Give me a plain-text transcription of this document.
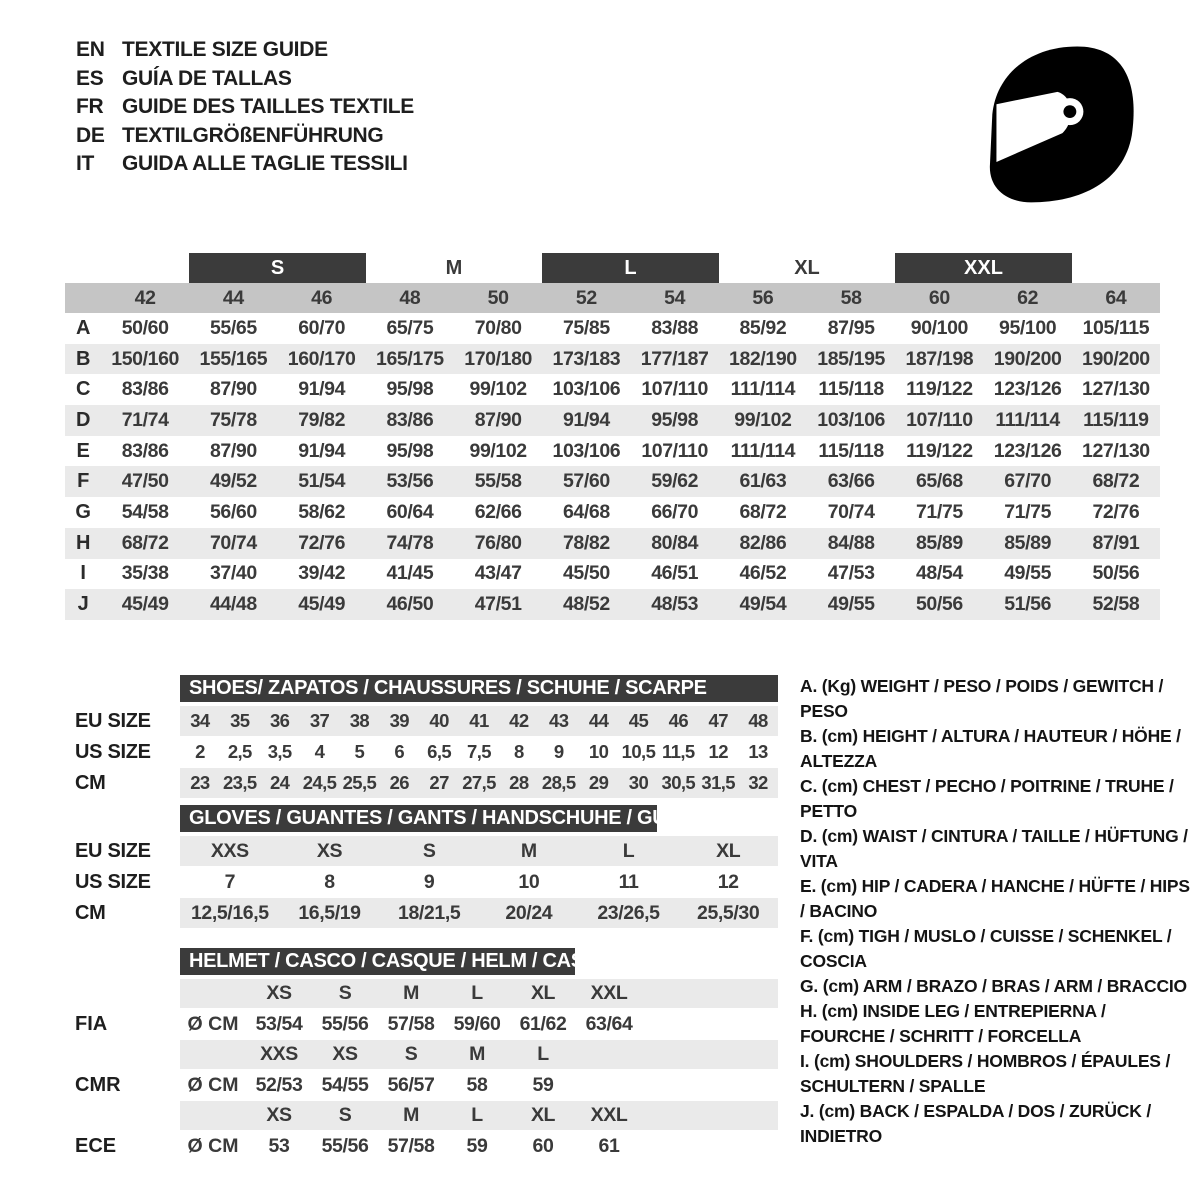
EN TEXTILE SIZE GUIDE
ES GUÍA DE TALLAS
FR GUIDE DES TAILLES TEXTILE
DE TEXTILGRÖßENFÜHRUNG
IT	GUIDA ALLE TAGLIE TESSILI
S	M	L	XL	XXL
42	44	46	48	50	52	54	56	58	60	62	64
A	50/60	55/65	60/70	65/75	70/80	75/85	83/88	85/92	87/95	90/100	95/100	105/115
B	150/160	155/165	160/170	165/175	170/180	173/183	177/187	182/190	185/195	187/198	190/200	190/200
C	83/86	87/90	91/94	95/98	99/102	103/106	107/110	111/114	115/118	119/122	123/126	127/130
D	71/74	75/78	79/82	83/86	87/90	91/94	95/98	99/102	103/106	107/110	111/114	115/119
E	83/86	87/90	91/94	95/98	99/102	103/106	107/110	111/114	115/118	119/122	123/126	127/130
F	47/50	49/52	51/54	53/56	55/58	57/60	59/62	61/63	63/66	65/68	67/70	68/72
G	54/58	56/60	58/62	60/64	62/66	64/68	66/70	68/72	70/74	71/75	71/75	72/76
H	68/72	70/74	72/76	74/78	76/80	78/82	80/84	82/86	84/88	85/89	85/89	87/91
I	35/38	37/40	39/42	41/45	43/47	45/50	46/51	46/52	47/53	48/54	49/55	50/56
J	45/49	44/48	45/49	46/50	47/51	48/52	48/53	49/54	49/55	50/56	51/56	52/58
SHOES/ ZAPATOS / CHAUSSURES / SCHUHE / SCARPE
EU SIZE	34	35	36	37	38	39	40	41	42	43	44	45	46	47	48
US SIZE	2	2,5 3,5	4	5	6	6,5 7,5	8	9	10 10,5 11,5 12	13
CM	23 23,5 24 24,5 25,5 26	27 27,5 28 28,5 29	30 30,5 31,5 32
GLOVES / GUANTES / GANTS / HANDSCHUHE / GUANTI
EU SIZE	XXS	XS	S	M	L	XL
US SIZE	7	8	9	10	11	12
CM	12,5/16,5	16,5/19	18/21,5	20/24	23/26,5	25,5/30
HELMET / CASCO / CASQUE / HELM / CASCO
XS	S	M	L	XL	XXL
FIA	Ø CM 53/54 55/56 57/58 59/60 61/62 63/64
XXS	XS	S	M	L
CMR	Ø CM 52/53 54/55 56/57	58	59
XS	S	M	L	XL	XXL
ECE	Ø CM	53	55/56 57/58	59	60	61
A. (Kg) WEIGHT / PESO / POIDS / GEWITCH / PESO
B. (cm) HEIGHT / ALTURA / HAUTEUR / HÖHE / ALTEZZA
C. (cm) CHEST / PECHO / POITRINE / TRUHE / PETTO
D. (cm) WAIST / CINTURA / TAILLE / HÜFTUNG / VITA
E. (cm) HIP / CADERA / HANCHE / HÜFTE / HIPS / BACINO
F. (cm) TIGH / MUSLO / CUISSE / SCHENKEL / COSCIA
G. (cm) ARM / BRAZO / BRAS / ARM / BRACCIO
H. (cm) INSIDE LEG / ENTREPIERNA / FOURCHE / SCHRITT / FORCELLA
I. (cm) SHOULDERS / HOMBROS / ÉPAULES / SCHULTERN / SPALLE
J. (cm) BACK / ESPALDA / DOS / ZURÜCK / INDIETRO
